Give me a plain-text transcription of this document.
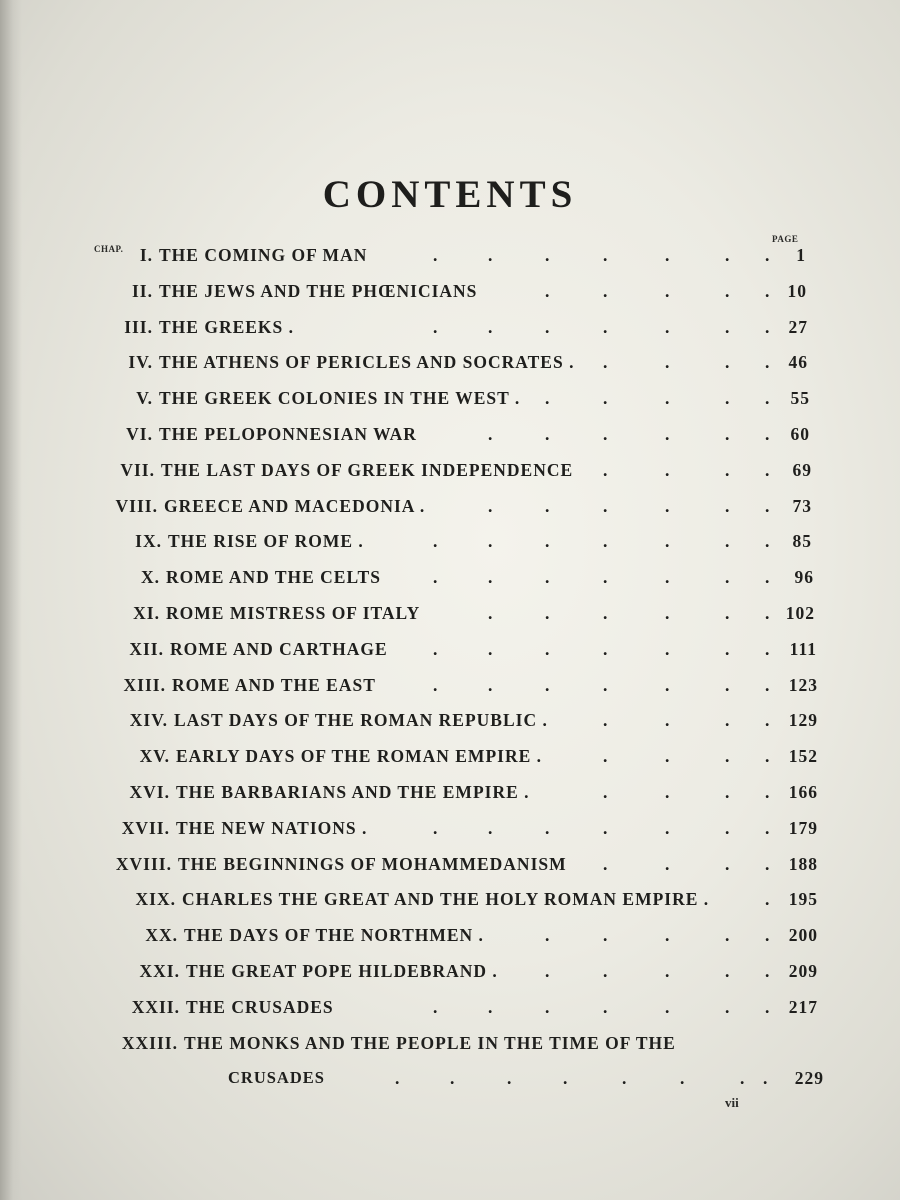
CONTENTS
CHAP.
PAGE
I. THE COMING OF MAN	.	.	.	.	.	. .	1
II. THE JEWS AND THE PHŒNICIANS	.	.	.	. . 10
III. THE GREEKS .	.	.	.	.	.	. .	27
IV. THE ATHENS OF PERICLES AND SOCRATES . .	.	. .	46
V. THE GREEK COLONIES IN THE WEST . .	.	.	. .	55
VI. THE PELOPONNESIAN WAR	.	.	.	.	. .	60
VII. THE LAST DAYS OF GREEK INDEPENDENCE .	.	. .	69
VIII. GREECE AND MACEDONIA .	.	.	.	.	. .	73
IX. THE RISE OF ROME .	.	.	.	.	.	. .	85
X. ROME AND THE CELTS	.	.	.	.	.	. .	96
XI. ROME MISTRESS OF ITALY	.	.	.	.	. . 102
XII. ROME AND CARTHAGE	.	.	.	.	.	. .	111
XIII. ROME AND THE EAST	.	.	.	.	.	. .	123
XIV. LAST DAYS OF THE ROMAN REPUBLIC .	.	.	. .	129
XV. EARLY DAYS OF THE ROMAN EMPIRE .	.	.	. .	152
XVI. THE BARBARIANS AND THE EMPIRE .	.	.	. .	166
XVII. THE NEW NATIONS .	.	.	.	.	.	. .	179
XVIII. THE BEGINNINGS OF MOHAMMEDANISM .	.	. .	188
XIX. CHARLES THE GREAT AND THE HOLY ROMAN EMPIRE .	.	195
XX. THE DAYS OF THE NORTHMEN .	.	.	.	. .	200
XXI. THE GREAT POPE HILDEBRAND .	.	.	.	. .	209
XXII. THE CRUSADES	.	.	.	.	.	. .	217
XXIII. THE MONKS AND THE PEOPLE IN THE TIME OF THE
CRUSADES	.	.	.	.	.	.	. .	229
vii
